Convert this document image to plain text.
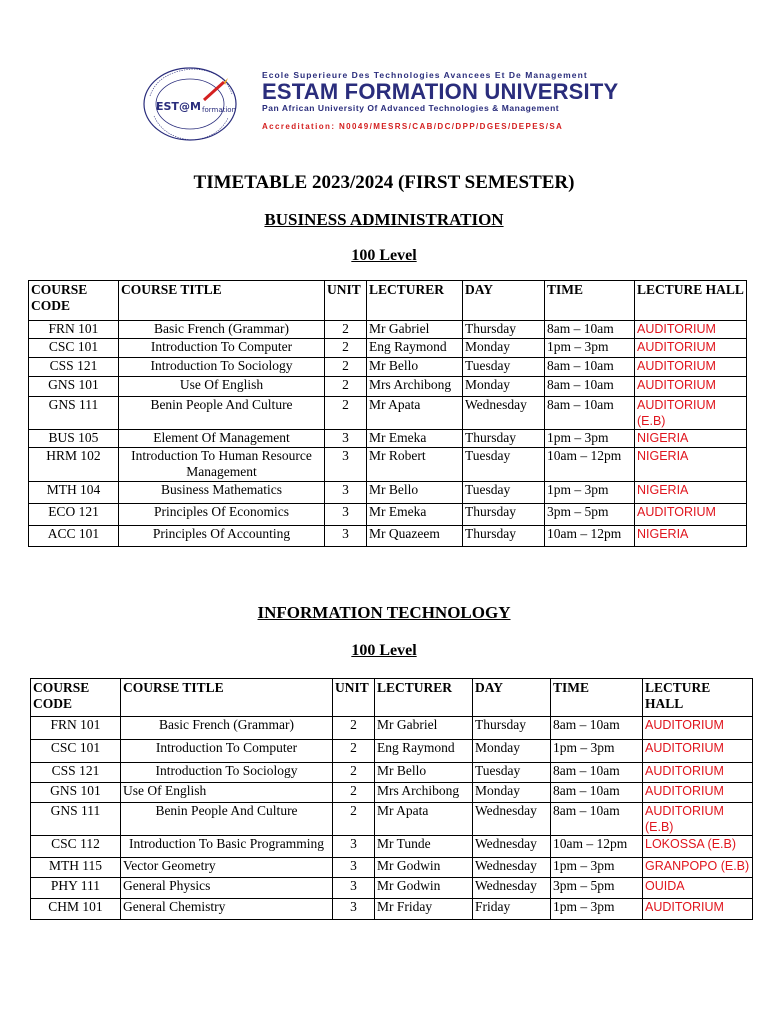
EST@M formation
Ecole Superieure Des Technologies Avancees Et De Management
ESTAM FORMATION UNIVERSITY
Pan African University Of Advanced Technologies & Management
Accreditation: N0049/MESRS/CAB/DC/DPP/DGES/DEPES/SA
TIMETABLE 2023/2024 (FIRST SEMESTER)
BUSINESS ADMINISTRATION
100 Level
COURSE CODE	COURSE TITLE	UNIT	LECTURER	DAY	TIME	LECTURE HALL
FRN 101	Basic French (Grammar)	2	Mr Gabriel	Thursday	8am – 10am	AUDITORIUM
CSC 101	Introduction To Computer	2	Eng Raymond	Monday	1pm – 3pm	AUDITORIUM
CSS 121	Introduction To Sociology	2	Mr Bello	Tuesday	8am – 10am	AUDITORIUM
GNS 101	Use Of English	2	Mrs Archibong	Monday	8am – 10am	AUDITORIUM
GNS 111	Benin People And Culture	2	Mr Apata	Wednesday	8am – 10am	AUDITORIUM (E.B)
BUS 105	Element Of Management	3	Mr Emeka	Thursday	1pm – 3pm	NIGERIA
HRM 102	Introduction To Human Resource Management	3	Mr Robert	Tuesday	10am – 12pm	NIGERIA
MTH 104	Business Mathematics	3	Mr Bello	Tuesday	1pm – 3pm	NIGERIA
ECO 121	Principles Of Economics	3	Mr Emeka	Thursday	3pm – 5pm	AUDITORIUM
ACC 101	Principles Of Accounting	3	Mr Quazeem	Thursday	10am – 12pm	NIGERIA
INFORMATION TECHNOLOGY
100 Level
COURSE CODE	COURSE TITLE	UNIT	LECTURER	DAY	TIME	LECTURE HALL
FRN 101	Basic French (Grammar)	2	Mr Gabriel	Thursday	8am – 10am	AUDITORIUM
CSC 101	Introduction To Computer	2	Eng Raymond	Monday	1pm – 3pm	AUDITORIUM
CSS 121	Introduction To Sociology	2	Mr Bello	Tuesday	8am – 10am	AUDITORIUM
GNS 101	Use Of English	2	Mrs Archibong	Monday	8am – 10am	AUDITORIUM
GNS 111	Benin People And Culture	2	Mr Apata	Wednesday	8am – 10am	AUDITORIUM (E.B)
CSC 112	Introduction To Basic Programming	3	Mr Tunde	Wednesday	10am – 12pm	LOKOSSA (E.B)
MTH 115	Vector Geometry	3	Mr Godwin	Wednesday	1pm – 3pm	GRANPOPO (E.B)
PHY 111	General Physics	3	Mr Godwin	Wednesday	3pm – 5pm	OUIDA
CHM 101	General Chemistry	3	Mr Friday	Friday	1pm – 3pm	AUDITORIUM
